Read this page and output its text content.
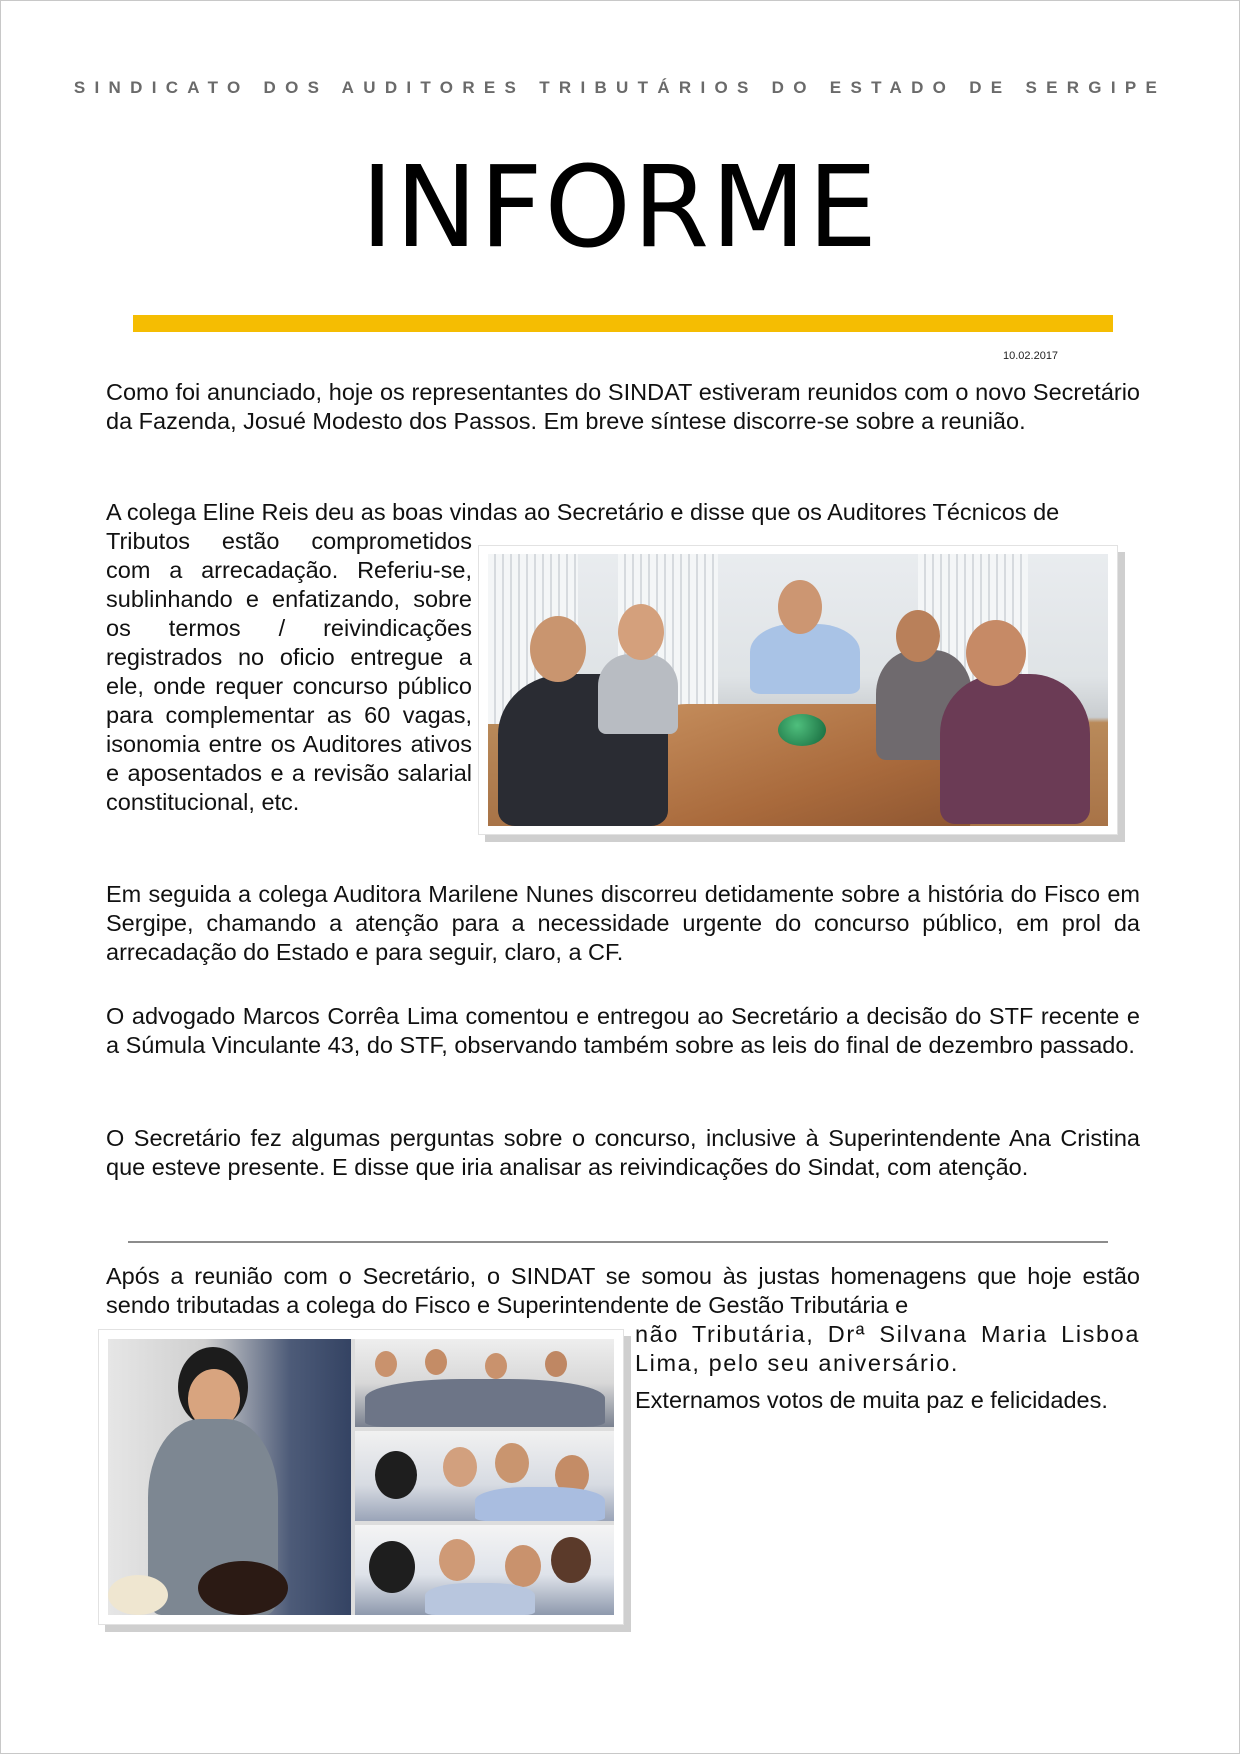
SINDICATO DOS AUDITORES TRIBUTÁRIOS DO ESTADO DE SERGIPE
INFORME
10.02.2017

Como foi anunciado, hoje os representantes do SINDAT estiveram reunidos com o novo Secretário da Fazenda, Josué Modesto dos Passos. Em breve síntese discorre-se sobre a reunião.

A colega Eline Reis deu as boas vindas ao Secretário e disse que os Auditores Técnicos de

Tributos estão comprometidos com a arrecadação. Referiu-se, sublinhando e enfatizando, sobre os termos / reivindicações registrados no oficio entregue a ele, onde requer concurso público para complementar as 60 vagas, isonomia entre os Auditores ativos e aposentados e a revisão salarial constitucional, etc.

Em seguida a colega Auditora Marilene Nunes discorreu detidamente sobre a história do Fisco em Sergipe, chamando a atenção para a necessidade urgente do concurso público, em prol da arrecadação do Estado e para seguir, claro, a CF.

O advogado Marcos Corrêa Lima comentou e entregou ao Secretário a decisão do STF recente e a Súmula Vinculante 43, do STF, observando também sobre as leis do final de dezembro passado.

O Secretário fez algumas perguntas sobre o concurso, inclusive à Superintendente Ana Cristina que esteve presente. E disse que iria analisar as reivindicações do Sindat, com atenção.

Após a reunião com o Secretário, o SINDAT se somou às justas homenagens que hoje estão sendo tributadas a colega do Fisco e Superintendente de Gestão Tributária e

não Tributária, Drª Silvana Maria Lisboa Lima, pelo seu aniversário.

Externamos votos de muita paz e felicidades.
